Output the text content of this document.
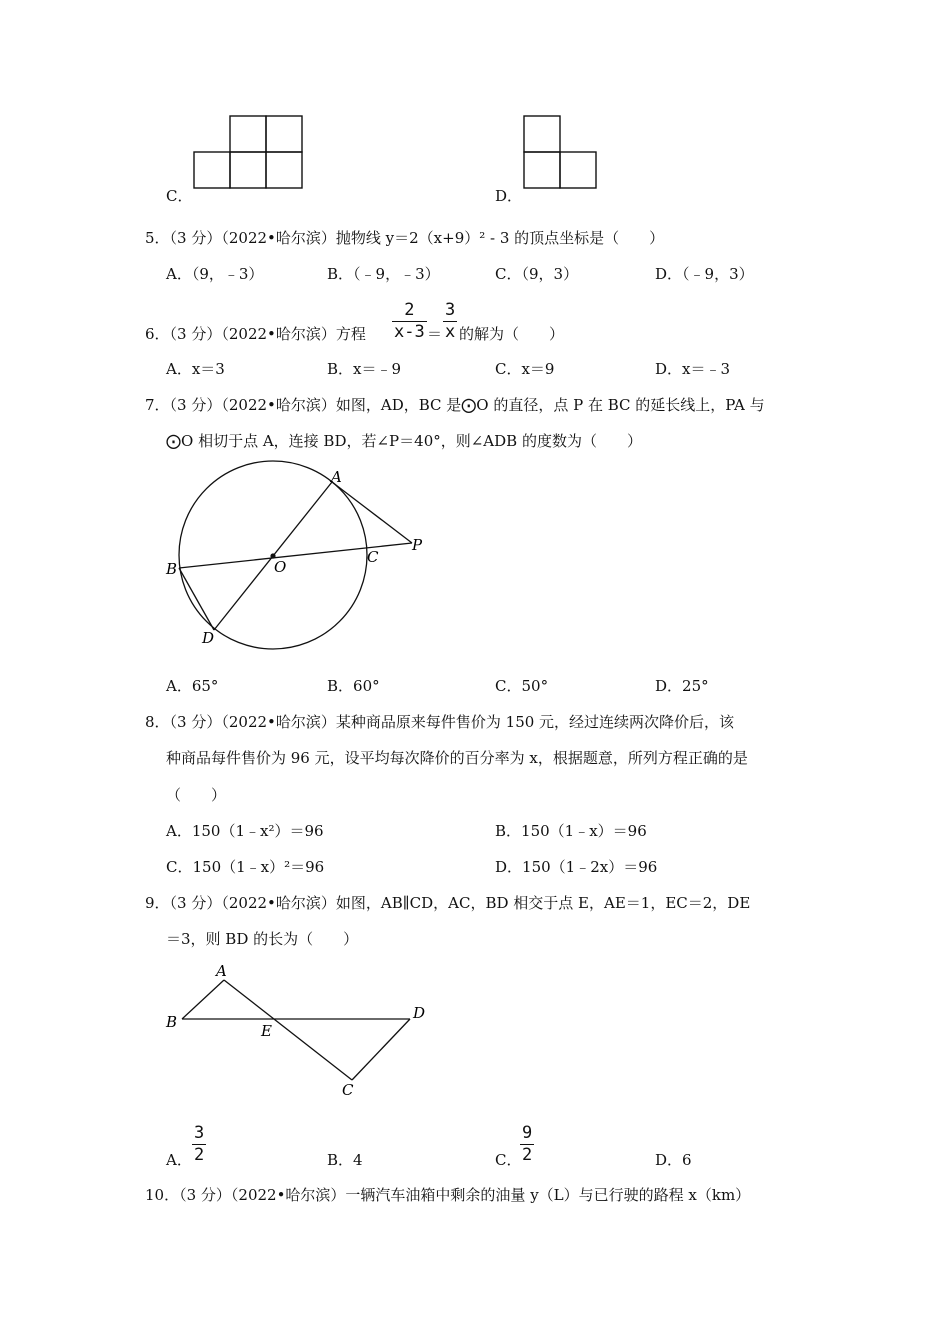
C．	D．
5．（3 分）（2022•哈尔滨）抛物线 y＝2（x+9）² - 3 的顶点坐标是（　　）
A．（9，﹣3）	B．（﹣9，﹣3）	C．（9，3）	D．（﹣9，3）
6．（3 分）（2022•哈尔滨）方程
2
x-3 ＝
3
x 的解为（　　）
A．x＝3	B．x＝﹣9	C．x＝9	D．x＝﹣3
7．（3 分）（2022•哈尔滨）如图，AD，BC 是⨀O 的直径，点 P 在 BC 的延长线上，PA 与
⨀O 相切于点 A，连接 BD，若∠P＝40°，则∠ADB 的度数为（　　）
A
B
C
D
O
P
A．65°	B．60°	C．50°	D．25°
8．（3 分）（2022•哈尔滨）某种商品原来每件售价为 150 元，经过连续两次降价后，该
种商品每件售价为 96 元，设平均每次降价的百分率为 x，根据题意，所列方程正确的是
（　　）
A．150（1﹣x²）＝96	B．150（1﹣x）＝96
C．150（1﹣x）²＝96	D．150（1﹣2x）＝96
9．（3 分）（2022•哈尔滨）如图，AB∥CD，AC，BD 相交于点 E，AE＝1，EC＝2，DE
＝3，则 BD 的长为（　　）
A
B
C
D
E
A．
3
2	B．4	C．
9
2	D．6
10．（3 分）（2022•哈尔滨）一辆汽车油箱中剩余的油量 y（L）与已行驶的路程 x（km）
